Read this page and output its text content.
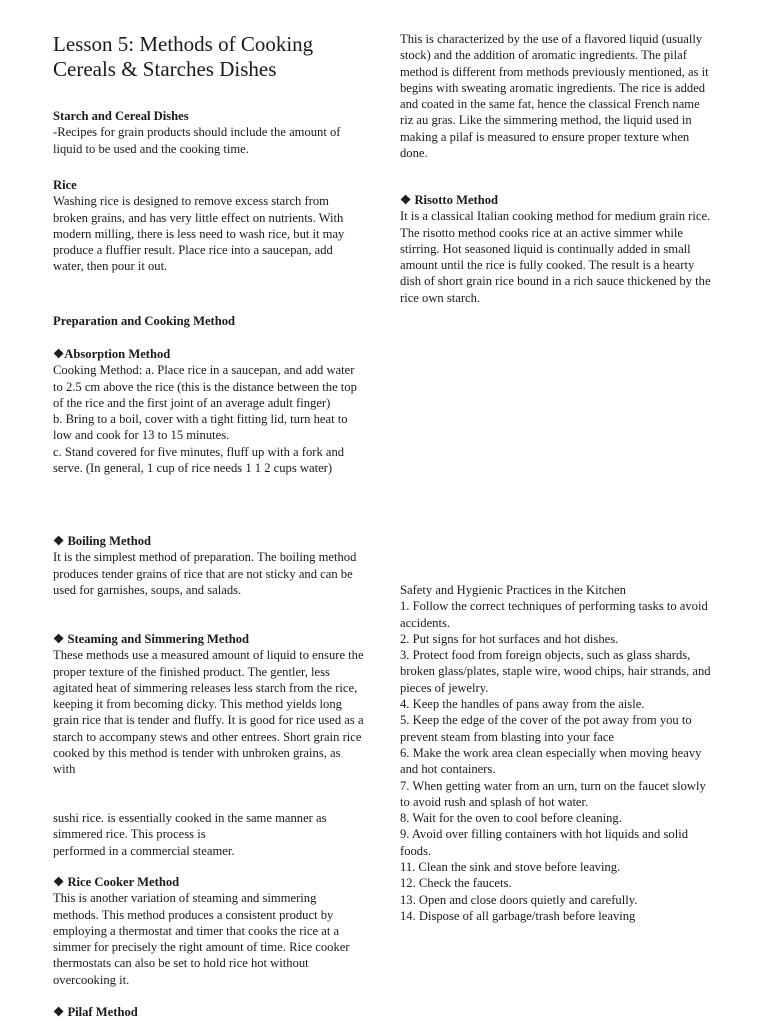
Lesson 5: Methods of Cooking
Cereals & Starches Dishes
Starch and Cereal Dishes
-Recipes for grain products should include the amount of liquid to be used and the cooking time.
Rice
Washing rice is designed to remove excess starch from broken grains, and has very little effect on nutrients. With modern milling, there is less need to wash rice, but it may produce a fluffier result. Place rice into a saucepan, add water, then pour it out.
Preparation and Cooking Method
❖Absorption Method
Cooking Method: a. Place rice in a saucepan, and add water to 2.5 cm above the rice (this is the distance between the top of the rice and the first joint of an average adult finger)
b. Bring to a boil, cover with a tight fitting lid, turn heat to low and cook for 13 to 15 minutes.
c. Stand covered for five minutes, fluff up with a fork and serve. (In general, 1 cup of rice needs 1 1 2 cups water)
❖ Boiling Method
It is the simplest method of preparation. The boiling method produces tender grains of rice that are not sticky and can be used for garnishes, soups, and salads.
❖ Steaming and Simmering Method
These methods use a measured amount of liquid to ensure the proper texture of the finished product. The gentler, less agitated heat of simmering releases less starch from the rice, keeping it from becoming dicky. This method yields long grain rice that is tender and fluffy. It is good for rice used as a starch to accompany stews and other entrees. Short grain rice cooked by this method is tender with unbroken grains, as with
sushi rice. is essentially cooked in the same manner as simmered rice. This process is
performed in a commercial steamer.
❖ Rice Cooker Method
This is another variation of steaming and simmering methods. This method produces a consistent product by employing a thermostat and timer that cooks the rice at a simmer for precisely the right amount of time. Rice cooker thermostats can also be set to hold rice hot without overcooking it.
❖ Pilaf Method
This is characterized by the use of a flavored liquid (usually stock) and the addition of aromatic ingredients. The pilaf method is different from methods previously mentioned, as it begins with sweating aromatic ingredients. The rice is added and coated in the same fat, hence the classical French name riz au gras. Like the simmering method, the liquid used in making a pilaf is measured to ensure proper texture when done.
❖ Risotto Method
It is a classical Italian cooking method for medium grain rice. The risotto method cooks rice at an active simmer while stirring. Hot seasoned liquid is continually added in small amount until the rice is fully cooked. The result is a hearty dish of short grain rice bound in a rich sauce thickened by the rice own starch.
Safety and Hygienic Practices in the Kitchen
1. Follow the correct techniques of performing tasks to avoid accidents.
2. Put signs for hot surfaces and hot dishes.
3. Protect food from foreign objects, such as glass shards, broken glass/plates, staple wire, wood chips, hair strands, and pieces of jewelry.
4. Keep the handles of pans away from the aisle.
5. Keep the edge of the cover of the pot away from you to prevent steam from blasting into your face
6. Make the work area clean especially when moving heavy and hot containers.
7. When getting water from an urn, turn on the faucet slowly to avoid rush and splash of hot water.
8. Wait for the oven to cool before cleaning.
9. Avoid over filling containers with hot liquids and solid foods.
11. Clean the sink and stove before leaving.
12. Check the faucets.
13. Open and close doors quietly and carefully.
14. Dispose of all garbage/trash before leaving
